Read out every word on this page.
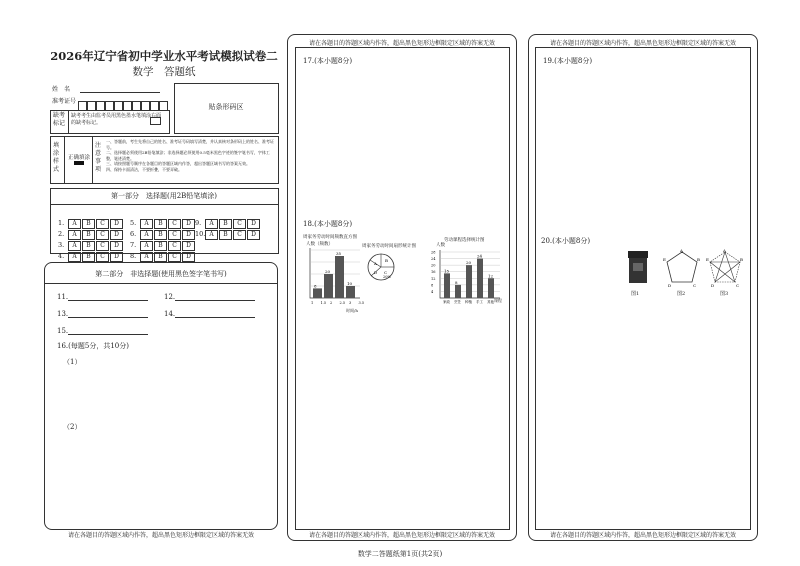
2026年辽宁省初中学业水平考试模拟试卷二
数学　答题纸
姓　名
准考证号
缺考标记
缺考考生由监考员用黑色墨水笔填涂右面
的缺考标记。
贴条形码区
填涂样式
正确填涂
注意事项
一、答题前，考生先将自己的姓名、准考证号码填写清楚，并认真核对条形码上的姓名、准考证号。
二、选择题必须使用2B铅笔填涂；非选择题必须使用0.5毫米黑色字迹的签字笔书写，字体工整，笔迹清楚。
三、请按照题号顺序在各题目的答题区域内作答，超出答题区域书写的答案无效。
四、保持卡面清洁，不要折叠，不要弄破。
第一部分　选择题(用2B铅笔填涂)
1. A B C D
2. A B C D
3. A B C D
4. A B C D
5. A B C D
6. A B C D
7. A B C D
8. A B C D
9. A B C D
10. A B C D
第二部分　非选择题(使用黑色签字笔书写)
11.	12.
13.	14.
15.
16.(每题5分，共10分)
（1）
（2）
请在各题目的答题区域内作答，超出黑色矩形边框限定区域的答案无效
请在各题目的答题区域内作答，超出黑色矩形边框限定区域的答案无效
17.(本小题8分)
18.(本小题8分)
请在各题目的答题区域内作答，超出黑色矩形边框限定区域的答案无效
周家务劳动时间频数直方图
人数（频数）
8
20
35
10
1 1.5 2 2.5 3 3.5
时间/h
周家务劳动时间扇形统计图
A
B
C
D
20%
劳动课程选择统计图
人数
4
8
12
16
20
24
28
15
家政
8
烹饪
20
种植
24
手工
12
其他 课程
请在各题目的答题区域内作答，超出黑色矩形边框限定区域的答案无效
19.(本小题8分)
20.(本小题8分)
请在各题目的答题区域内作答，超出黑色矩形边框限定区域的答案无效
图1
A
B
C
D
E
图2
A
B
C
D
E
图3
数学二答题纸第1页(共2页)
